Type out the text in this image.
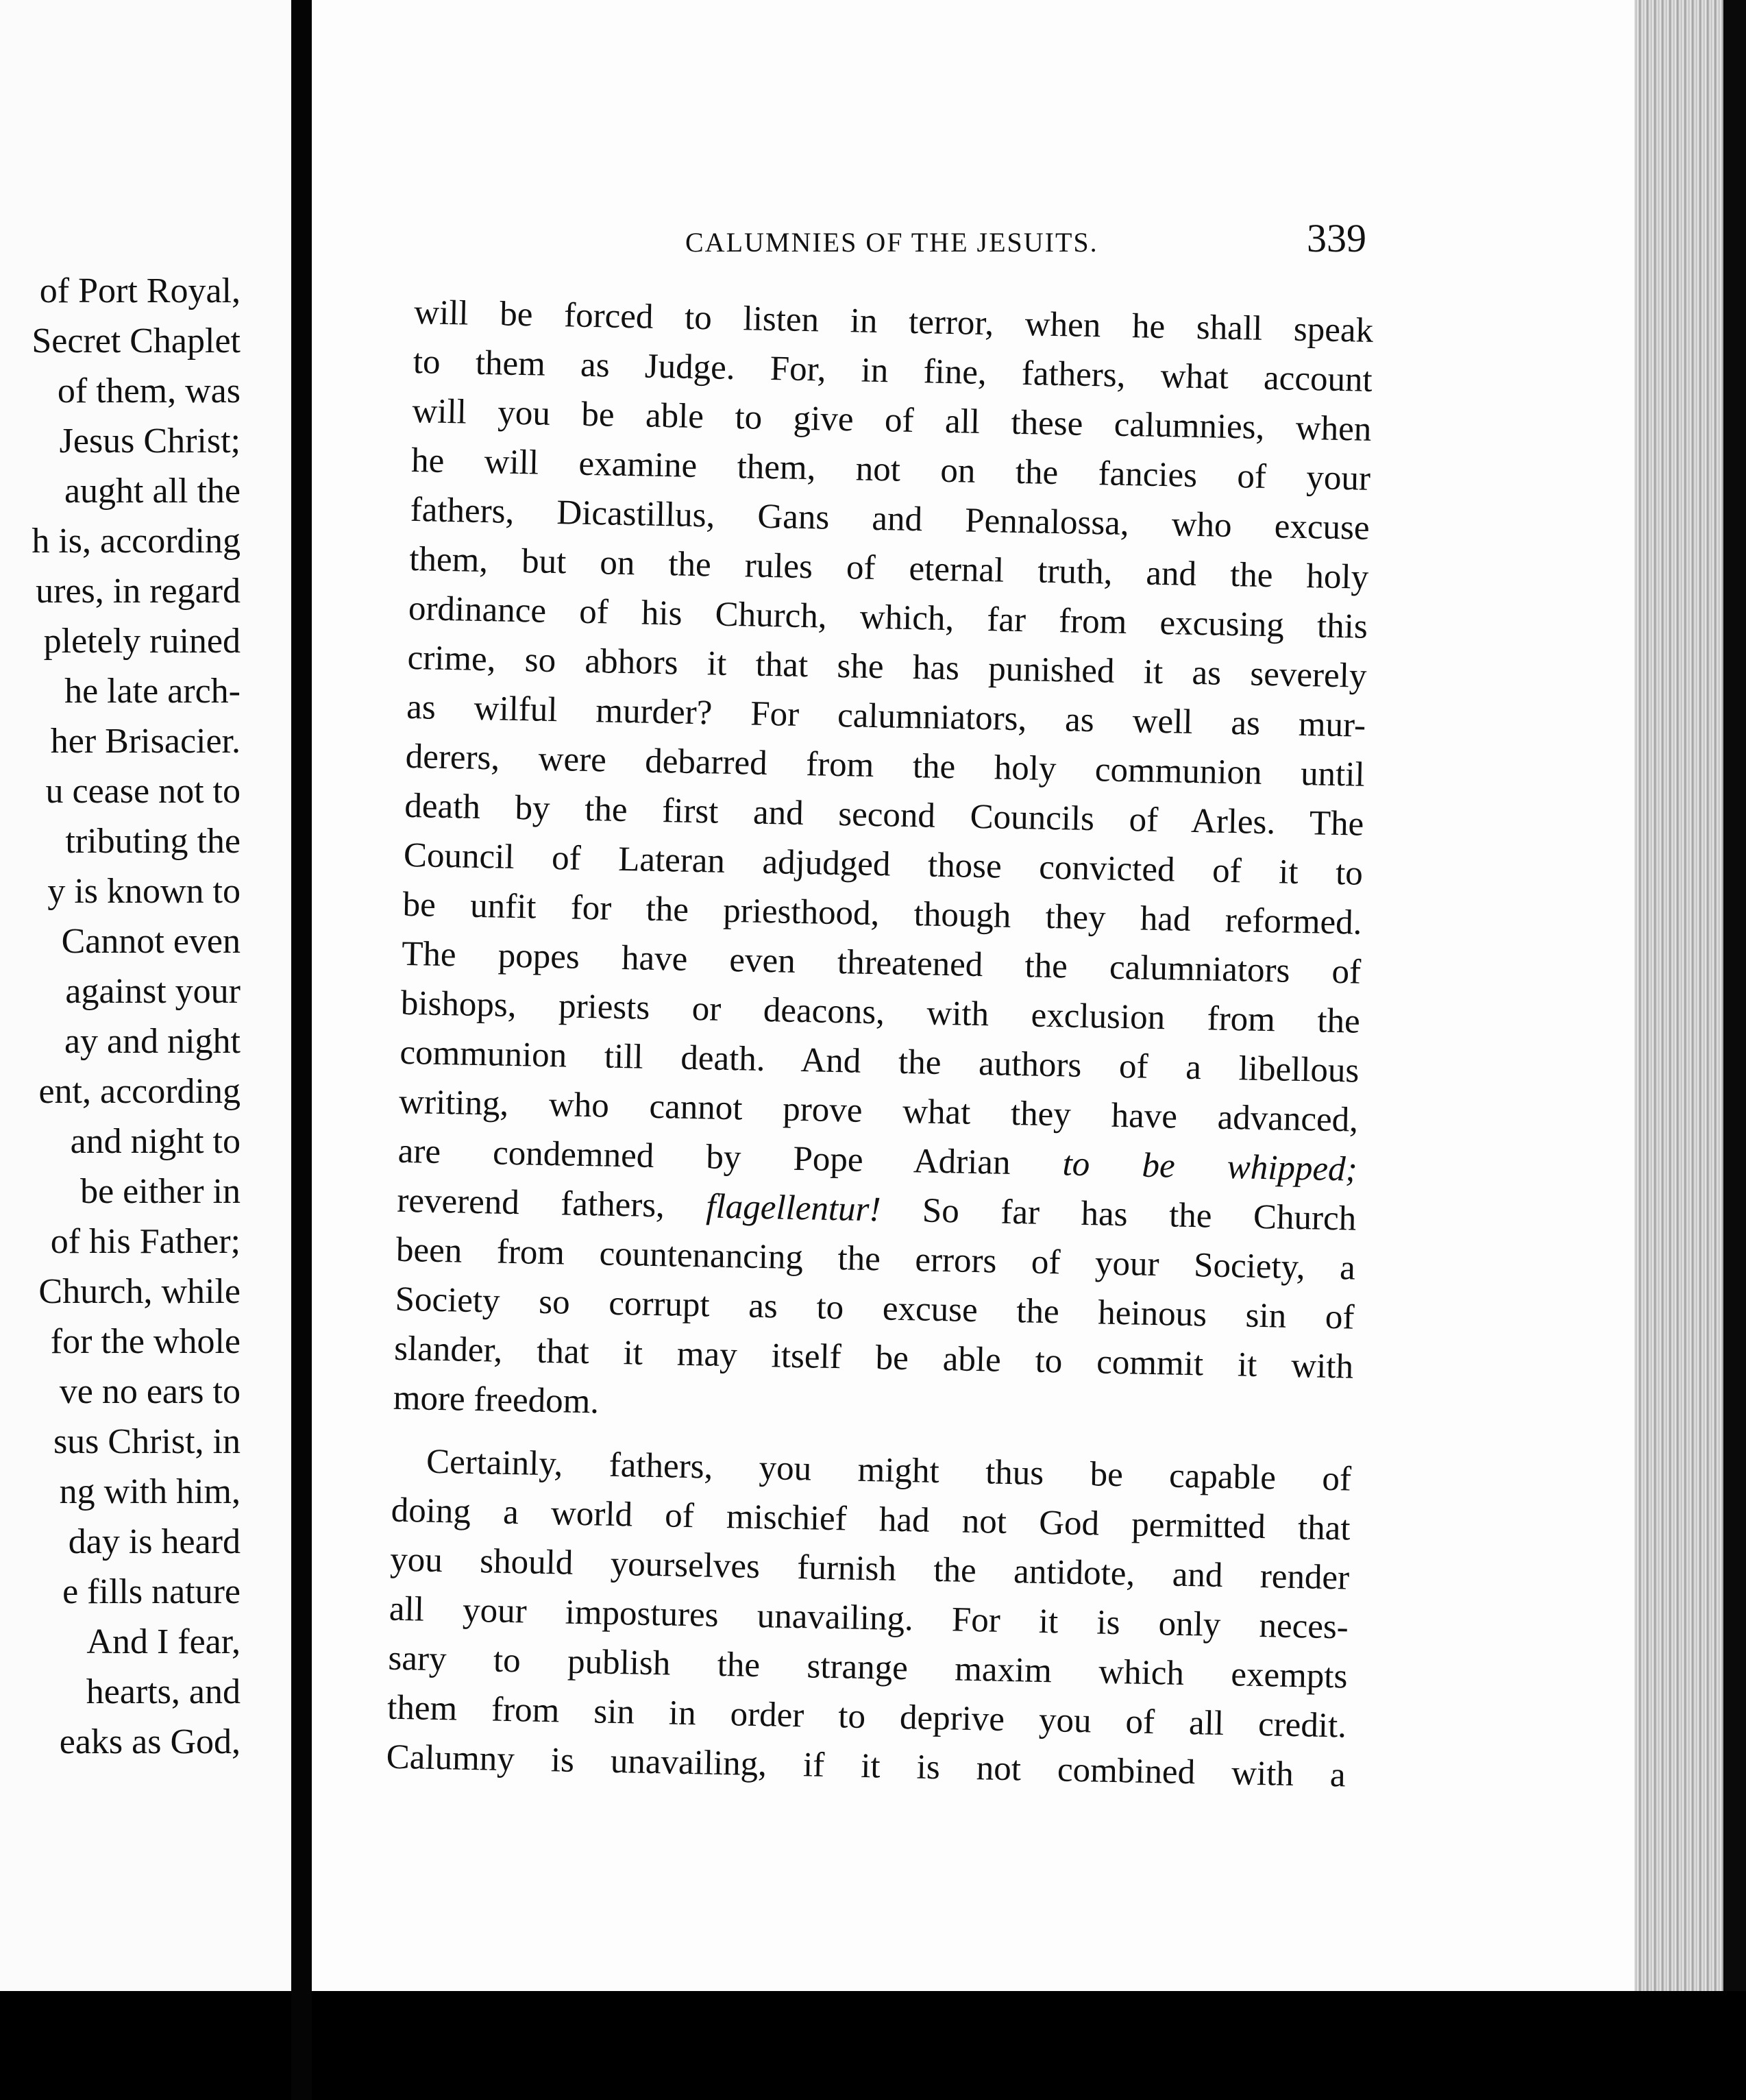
of Port Royal,
Secret Chaplet
of them, was
Jesus Christ;
aught all the
h is, according
ures, in regard
pletely ruined
he late arch-
her Brisacier.
u cease not to
tributing the
y is known to
Cannot even
against your
ay and night
ent, according
and night to
be either in
of his Father;
Church, while
for the whole
ve no ears to
sus Christ, in
ng with him,
day is heard
e fills nature
And I fear,
hearts, and
eaks as God,
CALUMNIES OF THE JESUITS.	339
will be forced to listen in terror, when he shall speak
to them as Judge. For, in fine, fathers, what account
will you be able to give of all these calumnies, when
he will examine them, not on the fancies of your
fathers, Dicastillus, Gans and Pennalossa, who excuse
them, but on the rules of eternal truth, and the holy
ordinance of his Church, which, far from excusing this
crime, so abhors it that she has punished it as severely
as wilful murder? For calumniators, as well as mur-
derers, were debarred from the holy communion until
death by the first and second Councils of Arles. The
Council of Lateran adjudged those convicted of it to
be unfit for the priesthood, though they had reformed.
The popes have even threatened the calumniators of
bishops, priests or deacons, with exclusion from the
communion till death. And the authors of a libellous
writing, who cannot prove what they have advanced,
are condemned by Pope Adrian to be whipped;
reverend fathers, flagellentur! So far has the Church
been from countenancing the errors of your Society, a
Society so corrupt as to excuse the heinous sin of
slander, that it may itself be able to commit it with
more freedom.
Certainly, fathers, you might thus be capable of
doing a world of mischief had not God permitted that
you should yourselves furnish the antidote, and render
all your impostures unavailing. For it is only neces-
sary to publish the strange maxim which exempts
them from sin in order to deprive you of all credit.
Calumny is unavailing, if it is not combined with a
